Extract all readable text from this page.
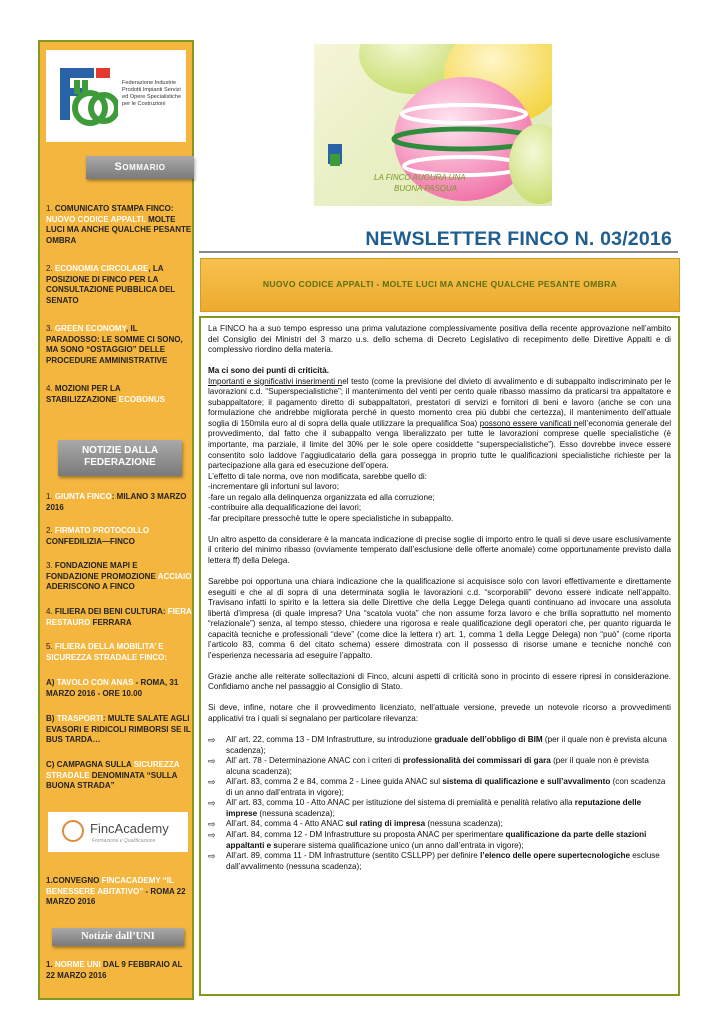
Federazione Industrie
Prodotti Impianti Servizi
ed Opere Specialistiche
per le Costruzioni
Sommario
1. COMUNICATO STAMPA FINCO: NUOVO CODICE APPALTI. MOLTE LUCI MA ANCHE QUALCHE PESANTE OMBRA
2. ECONOMIA CIRCOLARE, LA POSIZIONE DI FINCO PER LA CONSULTAZIONE PUBBLICA DEL SENATO
3. GREEN ECONOMY, IL PARADOSSO: LE SOMME CI SONO, MA SONO “OSTAGGIO” DELLE PROCEDURE AMMINISTRATIVE
4. MOZIONI PER LA STABILIZZAZIONE ECOBONUS
NOTIZIE DALLA FEDERAZIONE
1. GIUNTA FINCO: MILANO 3 MARZO 2016
2. FIRMATO PROTOCOLLO CONFEDILIZIA—FINCO
3. FONDAZIONE MAPI E FONDAZIONE PROMOZIONE ACCIAIO ADERISCONO A FINCO
4. FILIERA DEI BENI CULTURA: FIERA RESTAURO FERRARA
5. FILIERA DELLA MOBILITA’ E SICUREZZA STRADALE FINCO:
A) TAVOLO CON ANAS - ROMA, 31 MARZO 2016 - ORE 10.00
B) TRASPORTI: MULTE SALATE AGLI EVASORI E RIDICOLI RIMBORSI SE IL BUS TARDA…
C) CAMPAGNA SULLA SICUREZZA STRADALE DENOMINATA “SULLA BUONA STRADA”
FincAcademy
Formazione e Qualificazione
1.CONVEGNO FINCACADEMY “IL BENESSERE ABITATIVO” - ROMA 22 MARZO 2016
Notizie dall’UNI
1. NORME UNI DAL 9 FEBBRAIO AL 22 MARZO 2016
LA FINCO AUGURA UNA
BUONA PASQUA
NEWSLETTER FINCO N. 03/2016
NUOVO CODICE APPALTI - MOLTE LUCI MA ANCHE QUALCHE PESANTE OMBRA

La FINCO ha a suo tempo espresso una prima valutazione complessivamente positiva della recente approvazione nell’ambito del Consiglio dei Ministri del 3 marzo u.s. dello schema di Decreto Legislativo di recepimento delle Direttive Appalti e di complessivo riordino della materia.

Ma ci sono dei punti di criticità.

Importanti e significativi inserimenti nel testo (come la previsione del divieto di avvalimento e di subappalto indiscriminato per le lavorazioni c.d. “Superspecialistiche”; il mantenimento del venti per cento quale ribasso massimo da praticarsi tra appaltatore e subappaltatore; il pagamento diretto di subappaltatori, prestatori di servizi e fornitori di beni e lavoro (anche se con una formulazione che andrebbe migliorata perché in questo momento crea più dubbi che certezza), il mantenimento dell’attuale soglia di 150mila euro al di sopra della quale utilizzare la prequalifica Soa) possono essere vanificati nell’economia generale del provvedimento, dal fatto che il subappalto venga liberalizzato per tutte le lavorazioni comprese quelle specialistiche (è importante, ma parziale, il limite del 30% per le sole opere cosiddette “superspecialistiche”). Esso dovrebbe invece essere consentito solo laddove l’aggiudicatario della gara possegga in proprio tutte le qualificazioni specialistiche richieste per la partecipazione alla gara ed esecuzione dell’opera.

L’effetto di tale norma, ove non modificata, sarebbe quello di:

-incrementare gli infortuni sul lavoro;

-fare un regalo alla delinquenza organizzata ed alla corruzione;

-contribuire alla dequalificazione dei lavori;

-far precipitare pressochè tutte le opere specialistiche in subappalto.

Un altro aspetto da considerare è la mancata indicazione di precise soglie di importo entro le quali si deve usare esclusivamente il criterio del minimo ribasso (ovviamente temperato dall’esclusione delle offerte anomale) come opportunamente previsto dalla lettera ff) della Delega.

Sarebbe poi opportuna una chiara indicazione che la qualificazione si acquisisce solo con lavori effettivamente e direttamente eseguiti e che al di sopra di una determinata soglia le lavorazioni c.d. “scorporabili” devono essere indicate nell’appalto. Travisano infatti lo spirito e la lettera sia delle Direttive che della Legge Delega quanti continuano ad invocare una assoluta libertà d’impresa (di quale impresa? Una “scatola vuota” che non assume forza lavoro e che brilla soprattutto nel momento “relazionale”) senza, al tempo stesso, chiedere una rigorosa e reale qualificazione degli operatori che, per quanto riguarda le capacità tecniche e professionali “deve” (come dice la lettera r) art. 1, comma 1 della Legge Delega) non “può” (come riporta l’articolo 83, comma 6 del citato schema) essere dimostrata con il possesso di risorse umane e tecniche nonché con l’esperienza necessaria ad eseguire l’appalto.

Grazie anche alle reiterate sollecitazioni di Finco, alcuni aspetti di criticità sono in procinto di essere ripresi in considerazione. Confidiamo anche nel passaggio al Consiglio di Stato.

Si deve, infine, notare che il provvedimento licenziato, nell’attuale versione, prevede un notevole ricorso a provvedimenti applicativi tra i quali si segnalano per particolare rilevanza:

⇨	All’ art. 22, comma 13 - DM Infrastrutture, su introduzione graduale dell’obbligo di BIM (per il quale non è prevista alcuna scadenza);
⇨	All’ art. 78 - Determinazione ANAC con i criteri di professionalità dei commissari di gara (per il quale non è prevista alcuna scadenza);
⇨	All’art. 83, comma 2 e 84, comma 2 - Linee guida ANAC sul sistema di qualificazione e sull’avvalimento (con scadenza di un anno dall’entrata in vigore);
⇨	All’ art. 83, comma 10 - Atto ANAC per istituzione del sistema di premialità e penalità relativo alla reputazione delle imprese (nessuna scadenza);
⇨	All’art. 84, comma 4 - Atto ANAC sul rating di impresa (nessuna scadenza);
⇨	All’art. 84, comma 12 - DM Infrastrutture su proposta ANAC per sperimentare qualificazione da parte delle stazioni appaltanti e superare sistema qualificazione unico (un anno dall’entrata in vigore);
⇨	All’art. 89, comma 11 - DM Infrastrutture (sentito CSLLPP) per definire l’elenco delle opere supertecnologiche escluse dall’avvalimento (nessuna scadenza);
